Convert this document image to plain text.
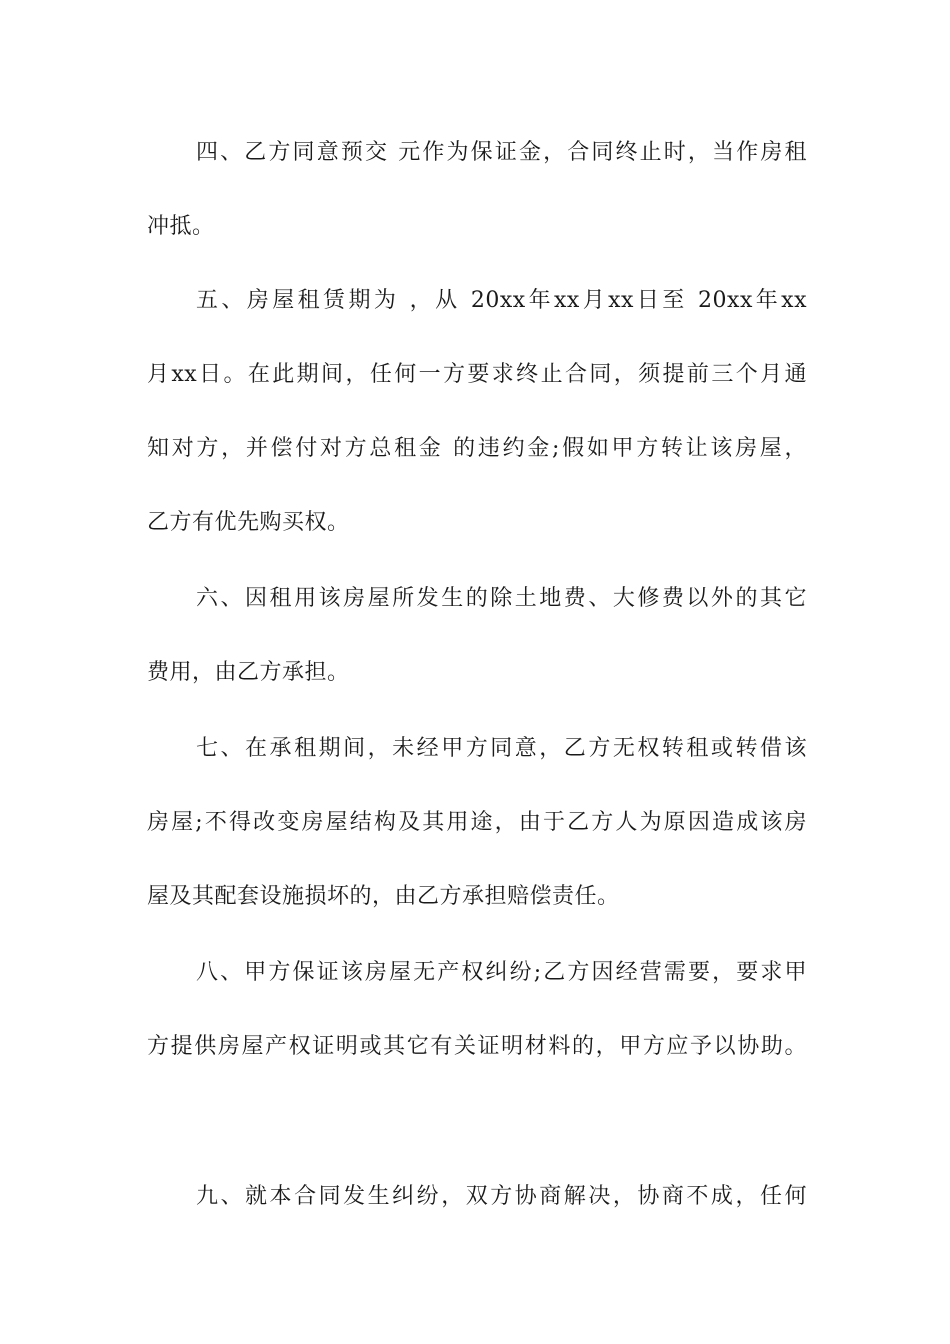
四、乙方同意预交 元作为保证金，合同终止时，当作房租
冲抵。
五、房屋租赁期为 ，从 20xx年xx月xx日至 20xx年xx
月xx日。在此期间，任何一方要求终止合同，须提前三个月通
知对方，并偿付对方总租金 的违约金;假如甲方转让该房屋，
乙方有优先购买权。
六、因租用该房屋所发生的除土地费、大修费以外的其它
费用，由乙方承担。
七、在承租期间，未经甲方同意，乙方无权转租或转借该
房屋;不得改变房屋结构及其用途，由于乙方人为原因造成该房
屋及其配套设施损坏的，由乙方承担赔偿责任。
八、甲方保证该房屋无产权纠纷;乙方因经营需要，要求甲
方提供房屋产权证明或其它有关证明材料的，甲方应予以协助。
九、就本合同发生纠纷，双方协商解决，协商不成，任何
